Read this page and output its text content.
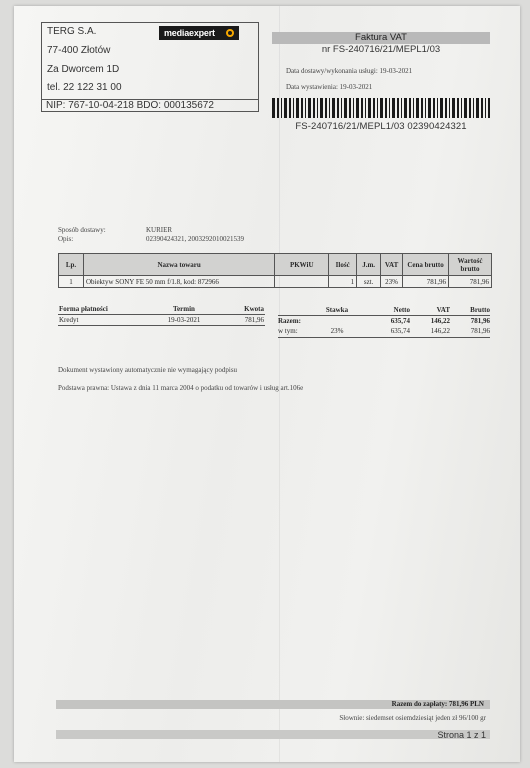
TERG S.A.	mediaexpert
77-400 Złotów
Za Dworcem 1D
tel. 22 122 31 00
NIP: 767-10-04-218 BDO: 000135672
Faktura VAT
nr FS-240716/21/MEPL1/03
Data dostawy/wykonania usługi: 19-03-2021
Data wystawienia: 19-03-2021
FS-240716/21/MEPL1/03 02390424321
Sposób dostawy:	KURIER
Opis:	02390424321, 2003292010021539
Lp.	Nazwa towaru	PKWiU	Ilość	J.m.	VAT	Cena brutto	Wartość brutto
1	Obiektyw SONY FE 50 mm f/1.8, kod: 872966		1	szt.	23%	781,96	781,96
Forma płatności	Termin	Kwota
Kredyt	19-03-2021	781,96
	Stawka	Netto	VAT	Brutto
Razem:		635,74	146,22	781,96
w tym:	23%	635,74	146,22	781,96
Dokument wystawiony automatycznie nie wymagający podpisu
Podstawa prawna: Ustawa z dnia 11 marca 2004 o podatku od towarów i usług art.106e
Razem do zapłaty: 781,96 PLN
Słownie: siedemset osiemdziesiąt jeden zł 96/100 gr
Strona 1 z 1
